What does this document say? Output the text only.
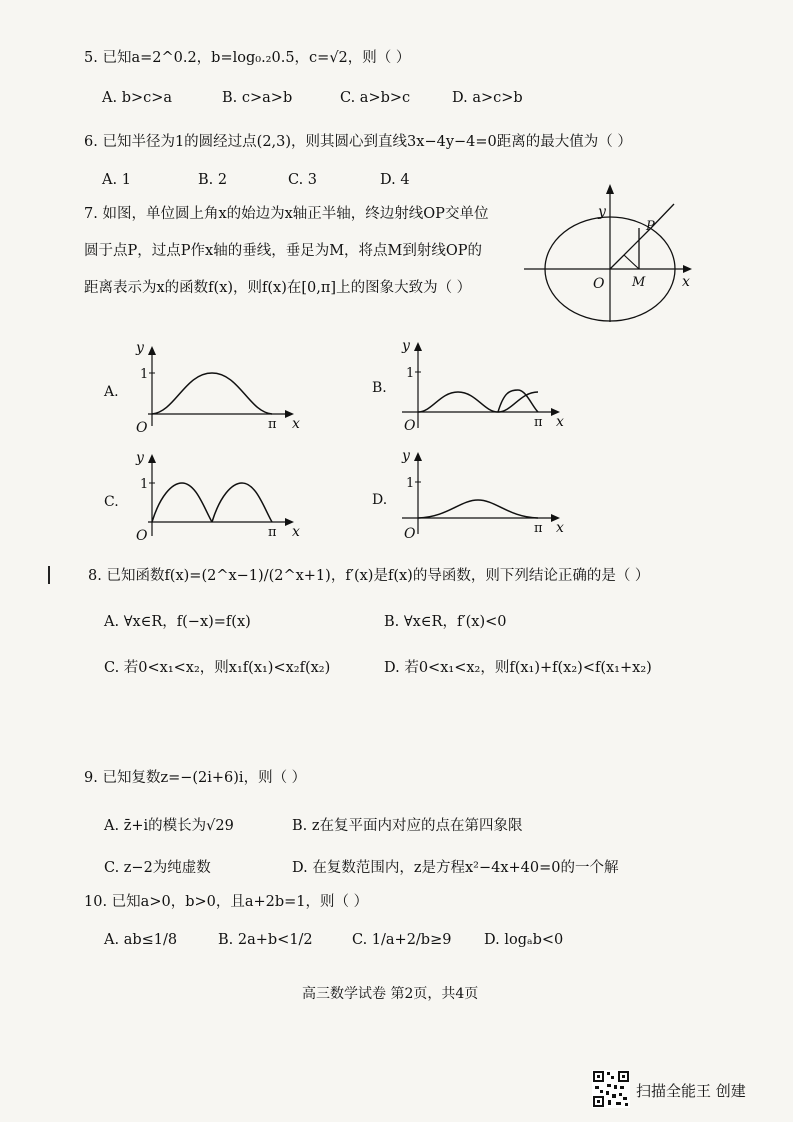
5. 已知a=2^0.2，b=log₀.₂0.5，c=√2，则（ ）
A. b>c>a	B. c>a>b	C. a>b>c	D. a>c>b
6. 已知半径为1的圆经过点(2,3)，则其圆心到直线3x−4y−4=0距离的最大值为（ ）
A. 1	B. 2	C. 3	D. 4
7. 如图，单位圆上角x的始边为x轴正半轴，终边射线OP交单位
圆于点P，过点P作x轴的垂线，垂足为M，将点M到射线OP的
距离表示为x的函数f(x)，则f(x)在[0,π]上的图象大致为（ ）
y
x
O M
P
A.	B.
C.	D.
y
1
O	π x
y
1
O	π x
y
1
O	π x
y
1
O	π x
8. 已知函数f(x)=(2^x−1)/(2^x+1)，f′(x)是f(x)的导函数，则下列结论正确的是（ ）
A. ∀x∈R，f(−x)=f(x)	B. ∀x∈R，f′(x)<0
C. 若0<x₁<x₂，则x₁f(x₁)<x₂f(x₂)	D. 若0<x₁<x₂，则f(x₁)+f(x₂)<f(x₁+x₂)
9. 已知复数z=−(2i+6)i，则（ ）
A. z̄+i的模长为√29	B. z在复平面内对应的点在第四象限
C. z−2为纯虚数	D. 在复数范围内，z是方程x²−4x+40=0的一个解
10. 已知a>0，b>0，且a+2b=1，则（ ）
A. ab≤1/8	B. 2a+b<1/2	C. 1/a+2/b≥9 D. logₐb<0
高三数学试卷 第2页，共4页
扫描全能王 创建
